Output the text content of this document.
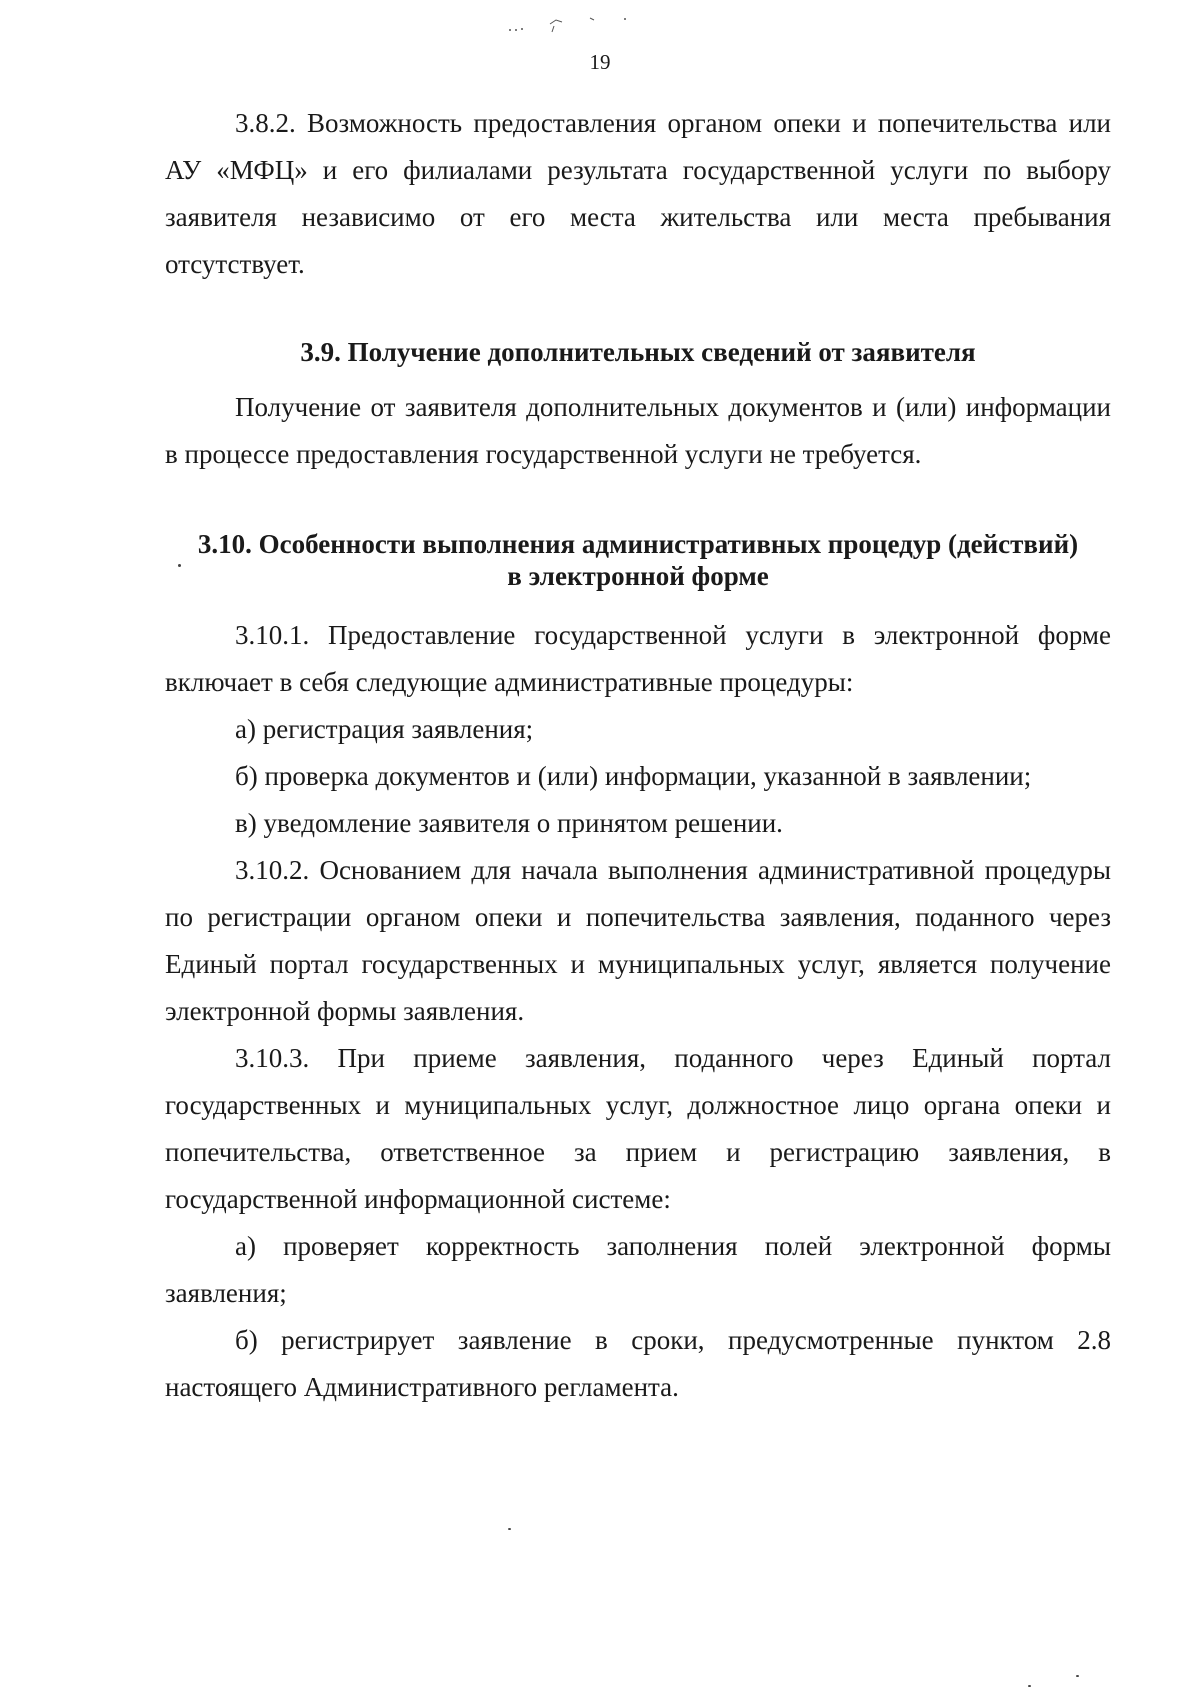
19

3.8.2. Возможность предоставления органом опеки и попечительства или АУ «МФЦ» и его филиалами результата государственной услуги по выбору заявителя независимо от его места жительства или места пребывания отсутствует.

3.9. Получение дополнительных сведений от заявителя

Получение от заявителя дополнительных документов и (или) информации в процессе предоставления государственной услуги не требуется.

3.10. Особенности выполнения административных процедур (действий)
в электронной форме

3.10.1. Предоставление государственной услуги в электронной форме включает в себя следующие административные процедуры:

а) регистрация заявления;

б) проверка документов и (или) информации, указанной в заявлении;

в) уведомление заявителя о принятом решении.

3.10.2. Основанием для начала выполнения административной процедуры по регистрации органом опеки и попечительства заявления, поданного через Единый портал государственных и муниципальных услуг, является получение электронной формы заявления.

3.10.3. При приеме заявления, поданного через Единый портал государственных и муниципальных услуг, должностное лицо органа опеки и попечительства, ответственное за прием и регистрацию заявления, в государственной информационной системе:

а) проверяет корректность заполнения полей электронной формы заявления;

б) регистрирует заявление в сроки, предусмотренные пунктом 2.8 настоящего Административного регламента.
